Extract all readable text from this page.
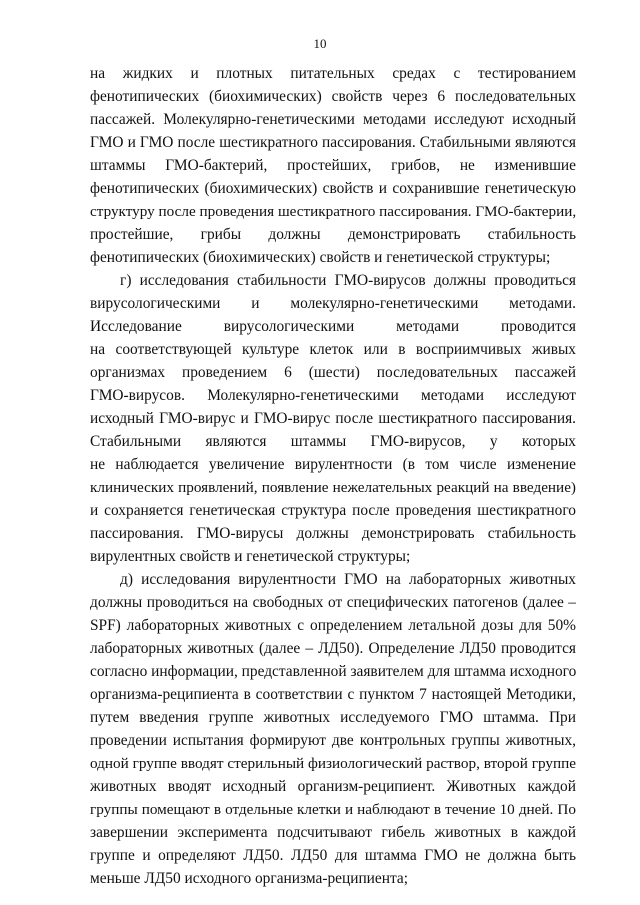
10
на жидких и плотных питательных средах с тестированием
фенотипических (биохимических) свойств через 6 последовательных
пассажей. Молекулярно-генетическими методами исследуют исходный
ГМО и ГМО после шестикратного пассирования. Стабильными являются
штаммы ГМО-бактерий, простейших, грибов, не изменившие
фенотипических (биохимических) свойств и сохранившие генетическую
структуру после проведения шестикратного пассирования. ГМО-бактерии,
простейшие, грибы должны демонстрировать стабильность
фенотипических (биохимических) свойств и генетической структуры;
г) исследования стабильности ГМО-вирусов должны проводиться
вирусологическими и молекулярно-генетическими методами.
Исследование вирусологическими методами проводится
на соответствующей культуре клеток или в восприимчивых живых
организмах проведением 6 (шести) последовательных пассажей
ГМО-вирусов. Молекулярно-генетическими методами исследуют
исходный ГМО-вирус и ГМО-вирус после шестикратного пассирования.
Стабильными являются штаммы ГМО-вирусов, у которых
не наблюдается увеличение вирулентности (в том числе изменение
клинических проявлений, появление нежелательных реакций на введение)
и сохраняется генетическая структура после проведения шестикратного
пассирования. ГМО-вирусы должны демонстрировать стабильность
вирулентных свойств и генетической структуры;
д) исследования вирулентности ГМО на лабораторных животных
должны проводиться на свободных от специфических патогенов (далее –
SPF) лабораторных животных с определением летальной дозы для 50%
лабораторных животных (далее – ЛД50). Определение ЛД50 проводится
согласно информации, представленной заявителем для штамма исходного
организма-реципиента в соответствии с пунктом 7 настоящей Методики,
путем введения группе животных исследуемого ГМО штамма. При
проведении испытания формируют две контрольных группы животных,
одной группе вводят стерильный физиологический раствор, второй группе
животных вводят исходный организм-реципиент. Животных каждой
группы помещают в отдельные клетки и наблюдают в течение 10 дней. По
завершении эксперимента подсчитывают гибель животных в каждой
группе и определяют ЛД50. ЛД50 для штамма ГМО не должна быть
меньше ЛД50 исходного организма-реципиента;
